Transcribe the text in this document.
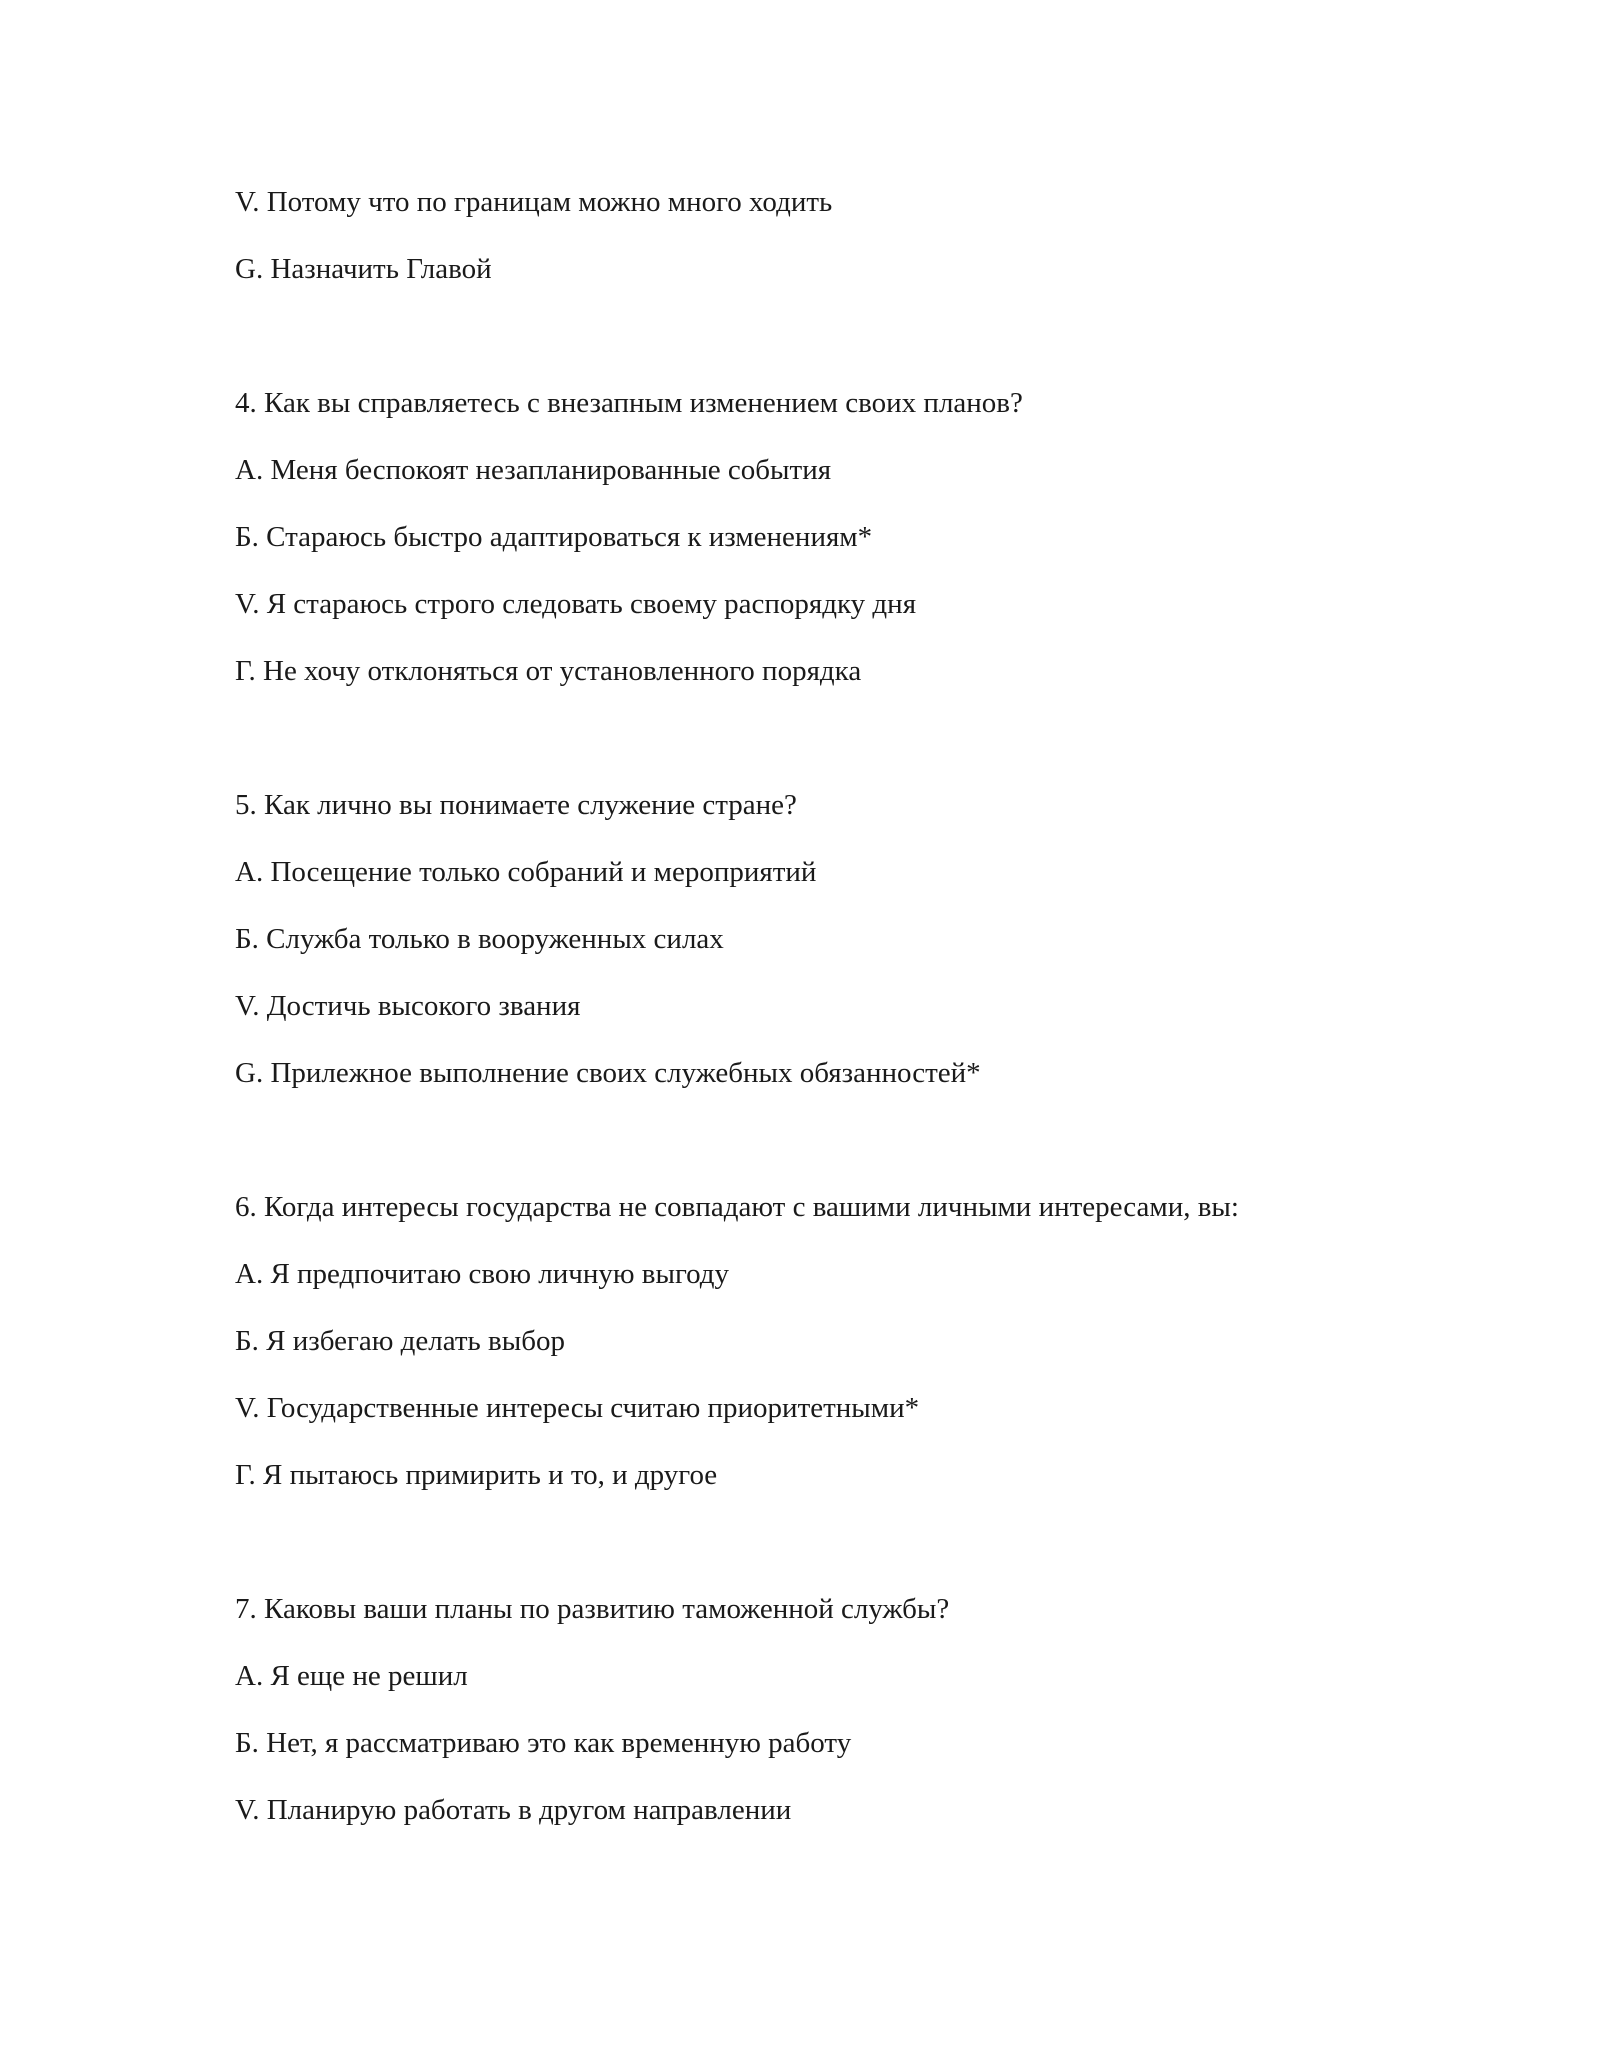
V. Потому что по границам можно много ходить
G. Назначить Главой
4. Как вы справляетесь с внезапным изменением своих планов?
А. Меня беспокоят незапланированные события
Б. Стараюсь быстро адаптироваться к изменениям*
V. Я стараюсь строго следовать своему распорядку дня
Г. Не хочу отклоняться от установленного порядка
5. Как лично вы понимаете служение стране?
А. Посещение только собраний и мероприятий
Б. Служба только в вооруженных силах
V. Достичь высокого звания
G. Прилежное выполнение своих служебных обязанностей*
6. Когда интересы государства не совпадают с вашими личными интересами, вы:
А. Я предпочитаю свою личную выгоду
Б. Я избегаю делать выбор
V. Государственные интересы считаю приоритетными*
Г. Я пытаюсь примирить и то, и другое
7. Каковы ваши планы по развитию таможенной службы?
А. Я еще не решил
Б. Нет, я рассматриваю это как временную работу
V. Планирую работать в другом направлении
